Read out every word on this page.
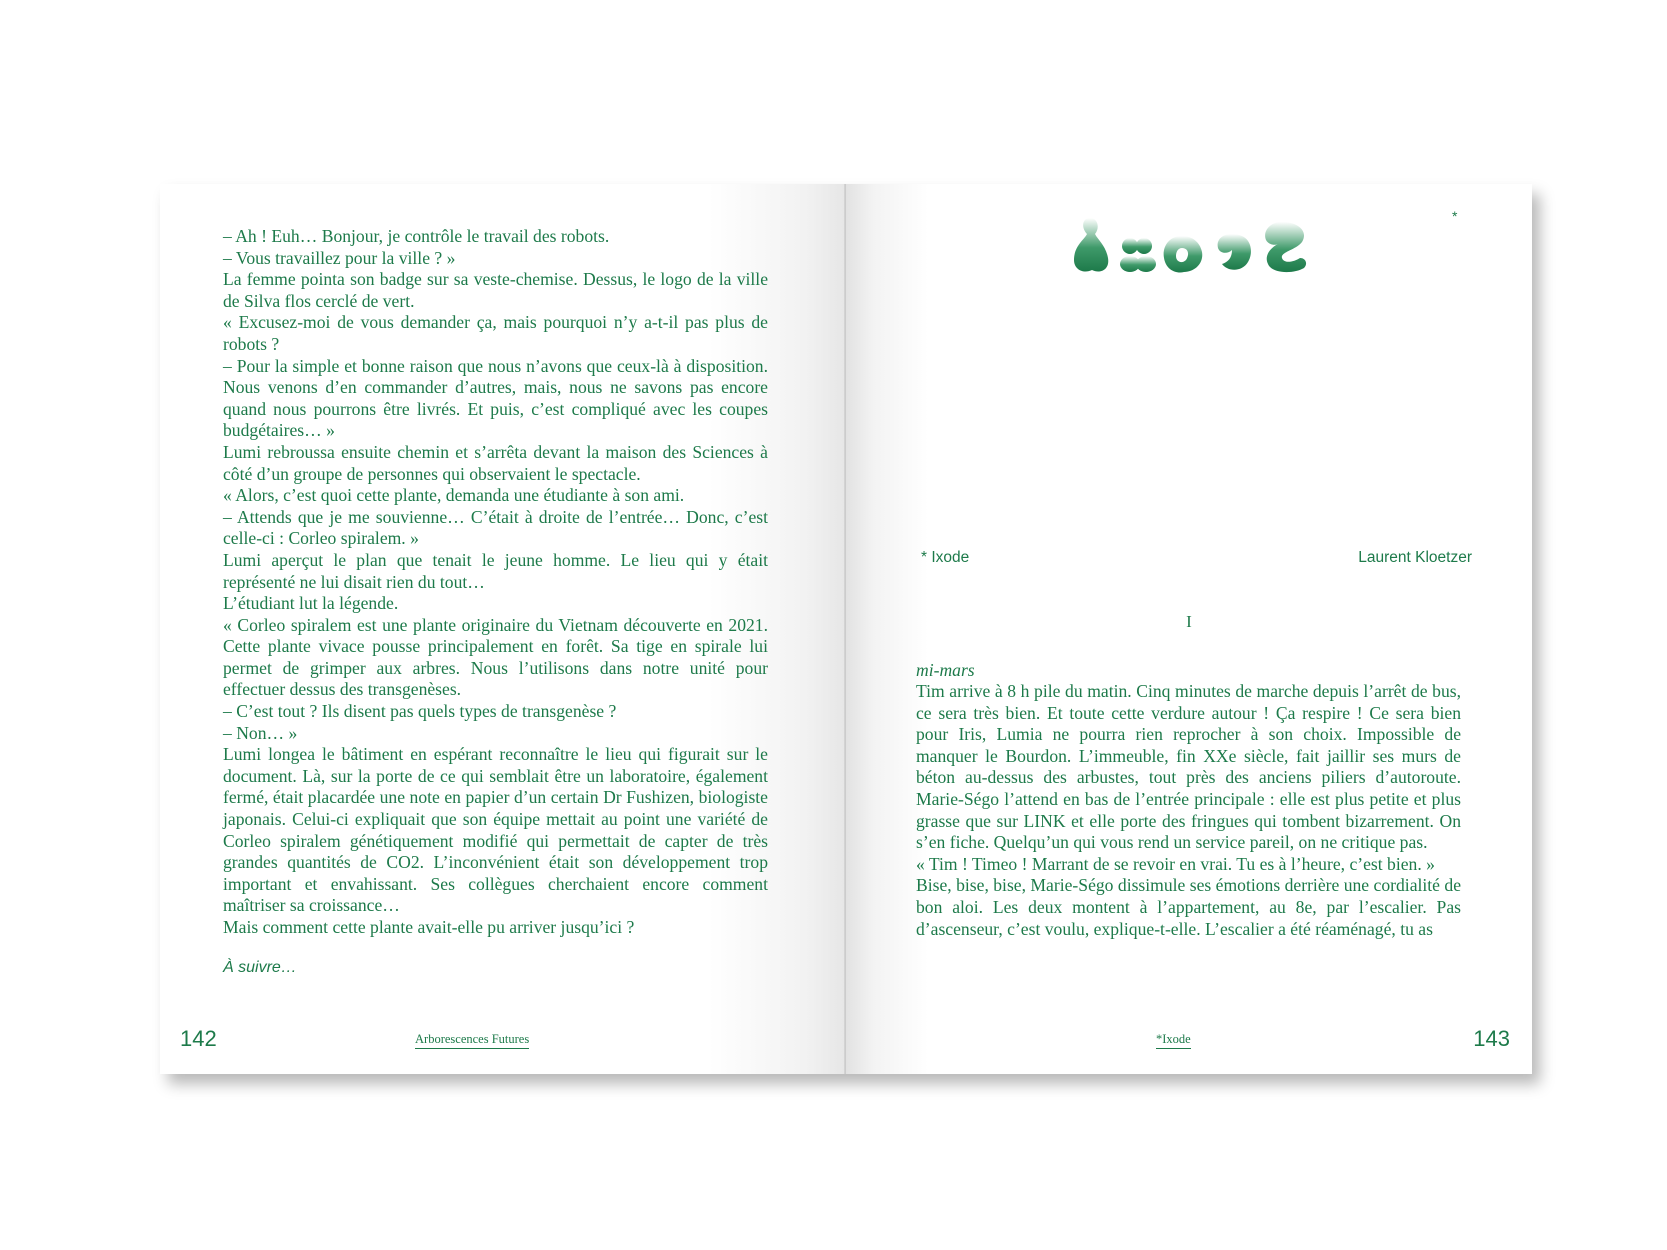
– Ah ! Euh… Bonjour, je contrôle le travail des robots.

– Vous travaillez pour la ville ? »

La femme pointa son badge sur sa veste-chemise. Dessus, le logo de la ville de Silva flos cerclé de vert.

« Excusez-moi de vous demander ça, mais pourquoi n’y a-t-il pas plus de robots ?

– Pour la simple et bonne raison que nous n’avons que ceux-là à disposition. Nous venons d’en commander d’autres, mais, nous ne savons pas encore quand nous pourrons être livrés. Et puis, c’est compliqué avec les coupes budgétaires… »

Lumi rebroussa ensuite chemin et s’arrêta devant la maison des Sciences à côté d’un groupe de personnes qui observaient le spectacle.

« Alors, c’est quoi cette plante, demanda une étudiante à son ami.

– Attends que je me souvienne… C’était à droite de l’entrée… Donc, c’est celle-ci : Corleo spiralem. »

Lumi aperçut le plan que tenait le jeune homme. Le lieu qui y était représenté ne lui disait rien du tout…

L’étudiant lut la légende.

« Corleo spiralem est une plante originaire du Vietnam découverte en 2021. Cette plante vivace pousse principalement en forêt. Sa tige en spirale lui permet de grimper aux arbres. Nous l’utilisons dans notre unité pour effectuer dessus des transgenèses.

– C’est tout ? Ils disent pas quels types de transgenèse ?

– Non… »

Lumi longea le bâtiment en espérant reconnaître le lieu qui figurait sur le document. Là, sur la porte de ce qui semblait être un laboratoire, également fermé, était placardée une note en papier d’un certain Dr Fushizen, biologiste japonais. Celui-ci expliquait que son équipe mettait au point une variété de Corleo spiralem génétiquement modifié qui permettait de capter de très grandes quantités de CO2. L’inconvénient était son développement trop important et envahissant. Ses collègues cherchaient encore comment maîtriser sa croissance…

Mais comment cette plante avait-elle pu arriver jusqu’ici ?

À suivre…
142	Arborescences Futures
*
* Ixode	Laurent Kloetzer
I
mi-mars

Tim arrive à 8 h pile du matin. Cinq minutes de marche depuis l’arrêt de bus, ce sera très bien. Et toute cette verdure autour ! Ça respire ! Ce sera bien pour Iris, Lumia ne pourra rien reprocher à son choix. Impossible de manquer le Bourdon. L’immeuble, fin XXe siècle, fait jaillir ses murs de béton au-dessus des arbustes, tout près des anciens piliers d’autoroute. Marie-Ségo l’attend en bas de l’entrée principale : elle est plus petite et plus grasse que sur LINK et elle porte des fringues qui tombent bizarrement. On s’en fiche. Quelqu’un qui vous rend un service pareil, on ne critique pas.

« Tim ! Timeo ! Marrant de se revoir en vrai. Tu es à l’heure, c’est bien. »

Bise, bise, bise, Marie-Ségo dissimule ses émotions derrière une cordialité de bon aloi. Les deux montent à l’appartement, au 8e, par l’escalier. Pas d’ascenseur, c’est voulu, explique-t-elle. L’escalier a été réaménagé, tu as

*Ixode	143
